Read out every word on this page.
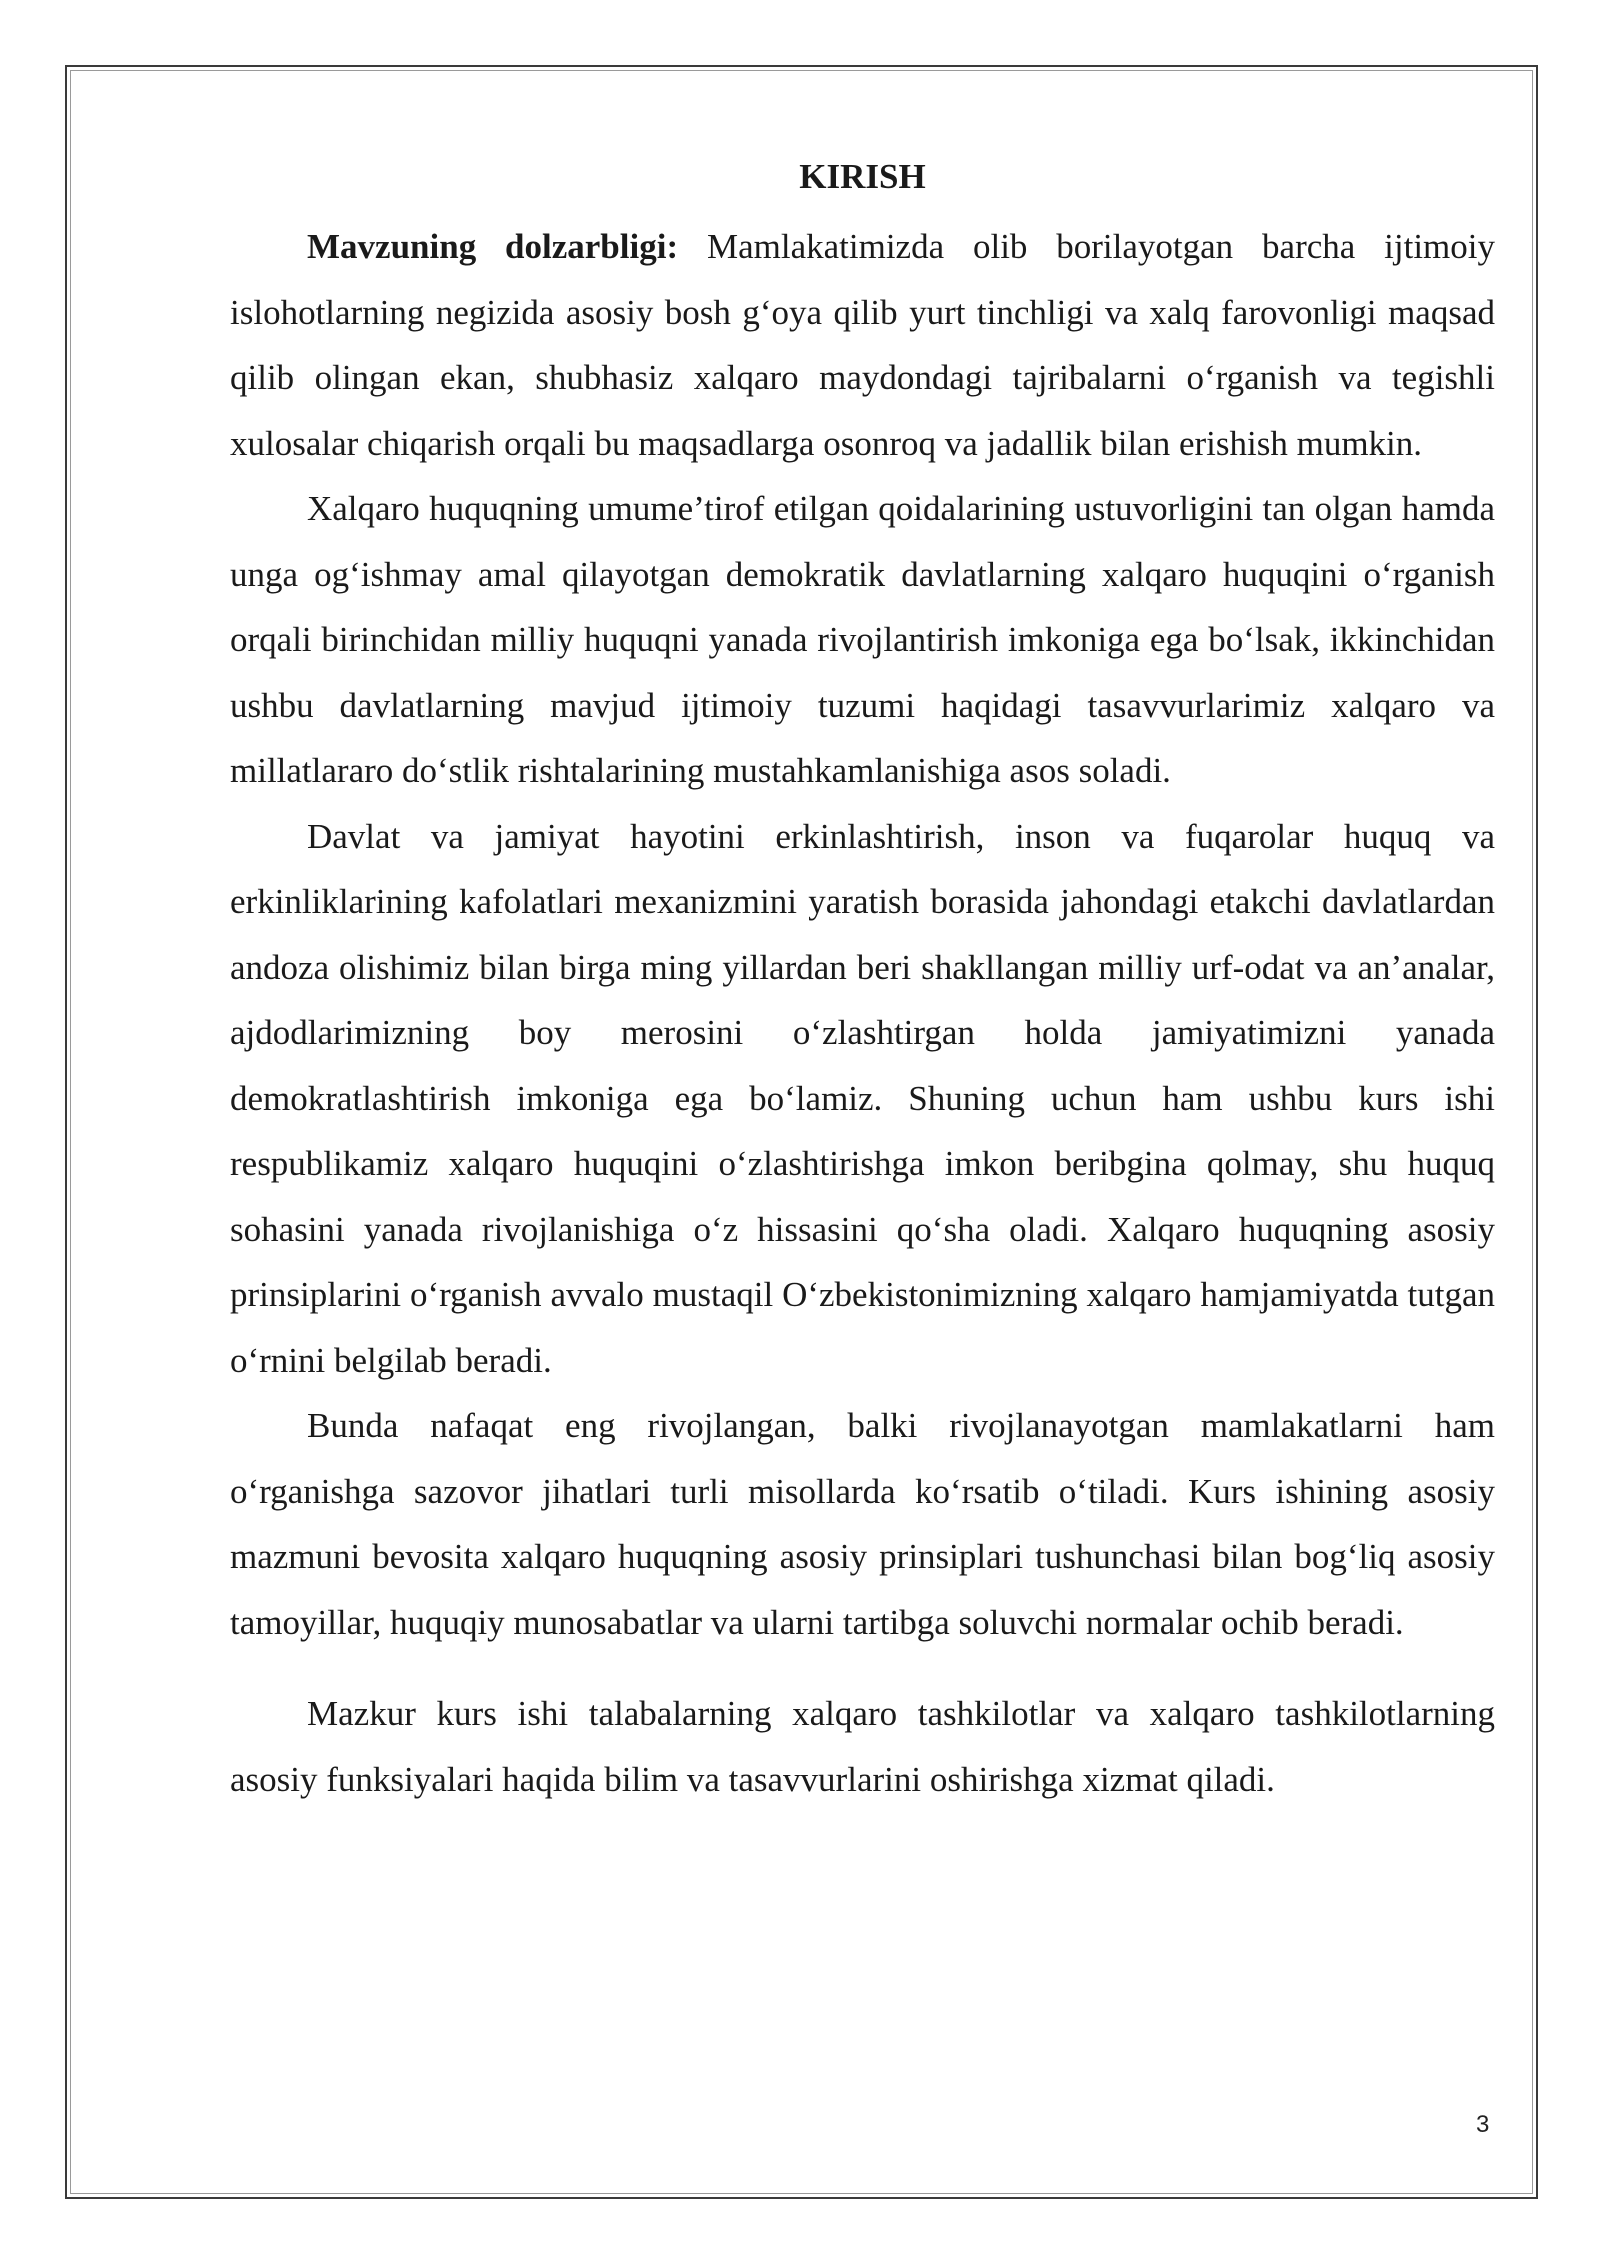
KIRISH

Mavzuning dolzarbligi: Mamlakatimizda olib borilayotgan barcha ijtimoiy islohotlarning negizida asosiy bosh g‘oya qilib yurt tinchligi va xalq farovonligi maqsad qilib olingan ekan, shubhasiz xalqaro maydondagi tajribalarni o‘rganish va tegishli xulosalar chiqarish orqali bu maqsadlarga osonroq va jadallik bilan erishish mumkin.

Xalqaro huquqning umume’tirof etilgan qoidalarining ustuvorligini tan olgan hamda unga og‘ishmay amal qilayotgan demokratik davlatlarning xalqaro huquqini o‘rganish orqali birinchidan milliy huquqni yanada rivojlantirish imkoniga ega bo‘lsak, ikkinchidan ushbu davlatlarning mavjud ijtimoiy tuzumi haqidagi tasavvurlarimiz xalqaro va millatlararo do‘stlik rishtalarining mustahkamlanishiga asos soladi.

Davlat va jamiyat hayotini erkinlashtirish, inson va fuqarolar huquq va erkinliklarining kafolatlari mexanizmini yaratish borasida jahondagi etakchi davlatlardan andoza olishimiz bilan birga ming yillardan beri shakllangan milliy urf-odat va an’analar, ajdodlarimizning boy merosini o‘zlashtirgan holda jamiyatimizni yanada demokratlashtirish imkoniga ega bo‘lamiz. Shuning uchun ham ushbu kurs ishi respublikamiz xalqaro huquqini o‘zlashtirishga imkon beribgina qolmay, shu huquq sohasini yanada rivojlanishiga o‘z hissasini qo‘sha oladi. Xalqaro huquqning asosiy prinsiplarini o‘rganish avvalo mustaqil O‘zbekistonimizning xalqaro hamjamiyatda tutgan o‘rnini belgilab beradi.

Bunda nafaqat eng rivojlangan, balki rivojlanayotgan mamlakatlarni ham o‘rganishga sazovor jihatlari turli misollarda ko‘rsatib o‘tiladi. Kurs ishining asosiy mazmuni bevosita xalqaro huquqning asosiy prinsiplari tushunchasi bilan bog‘liq asosiy tamoyillar, huquqiy munosabatlar va ularni tartibga soluvchi normalar ochib beradi.

Mazkur kurs ishi talabalarning xalqaro tashkilotlar va xalqaro tashkilotlarning asosiy funksiyalari haqida bilim va tasavvurlarini oshirishga xizmat qiladi.

3
